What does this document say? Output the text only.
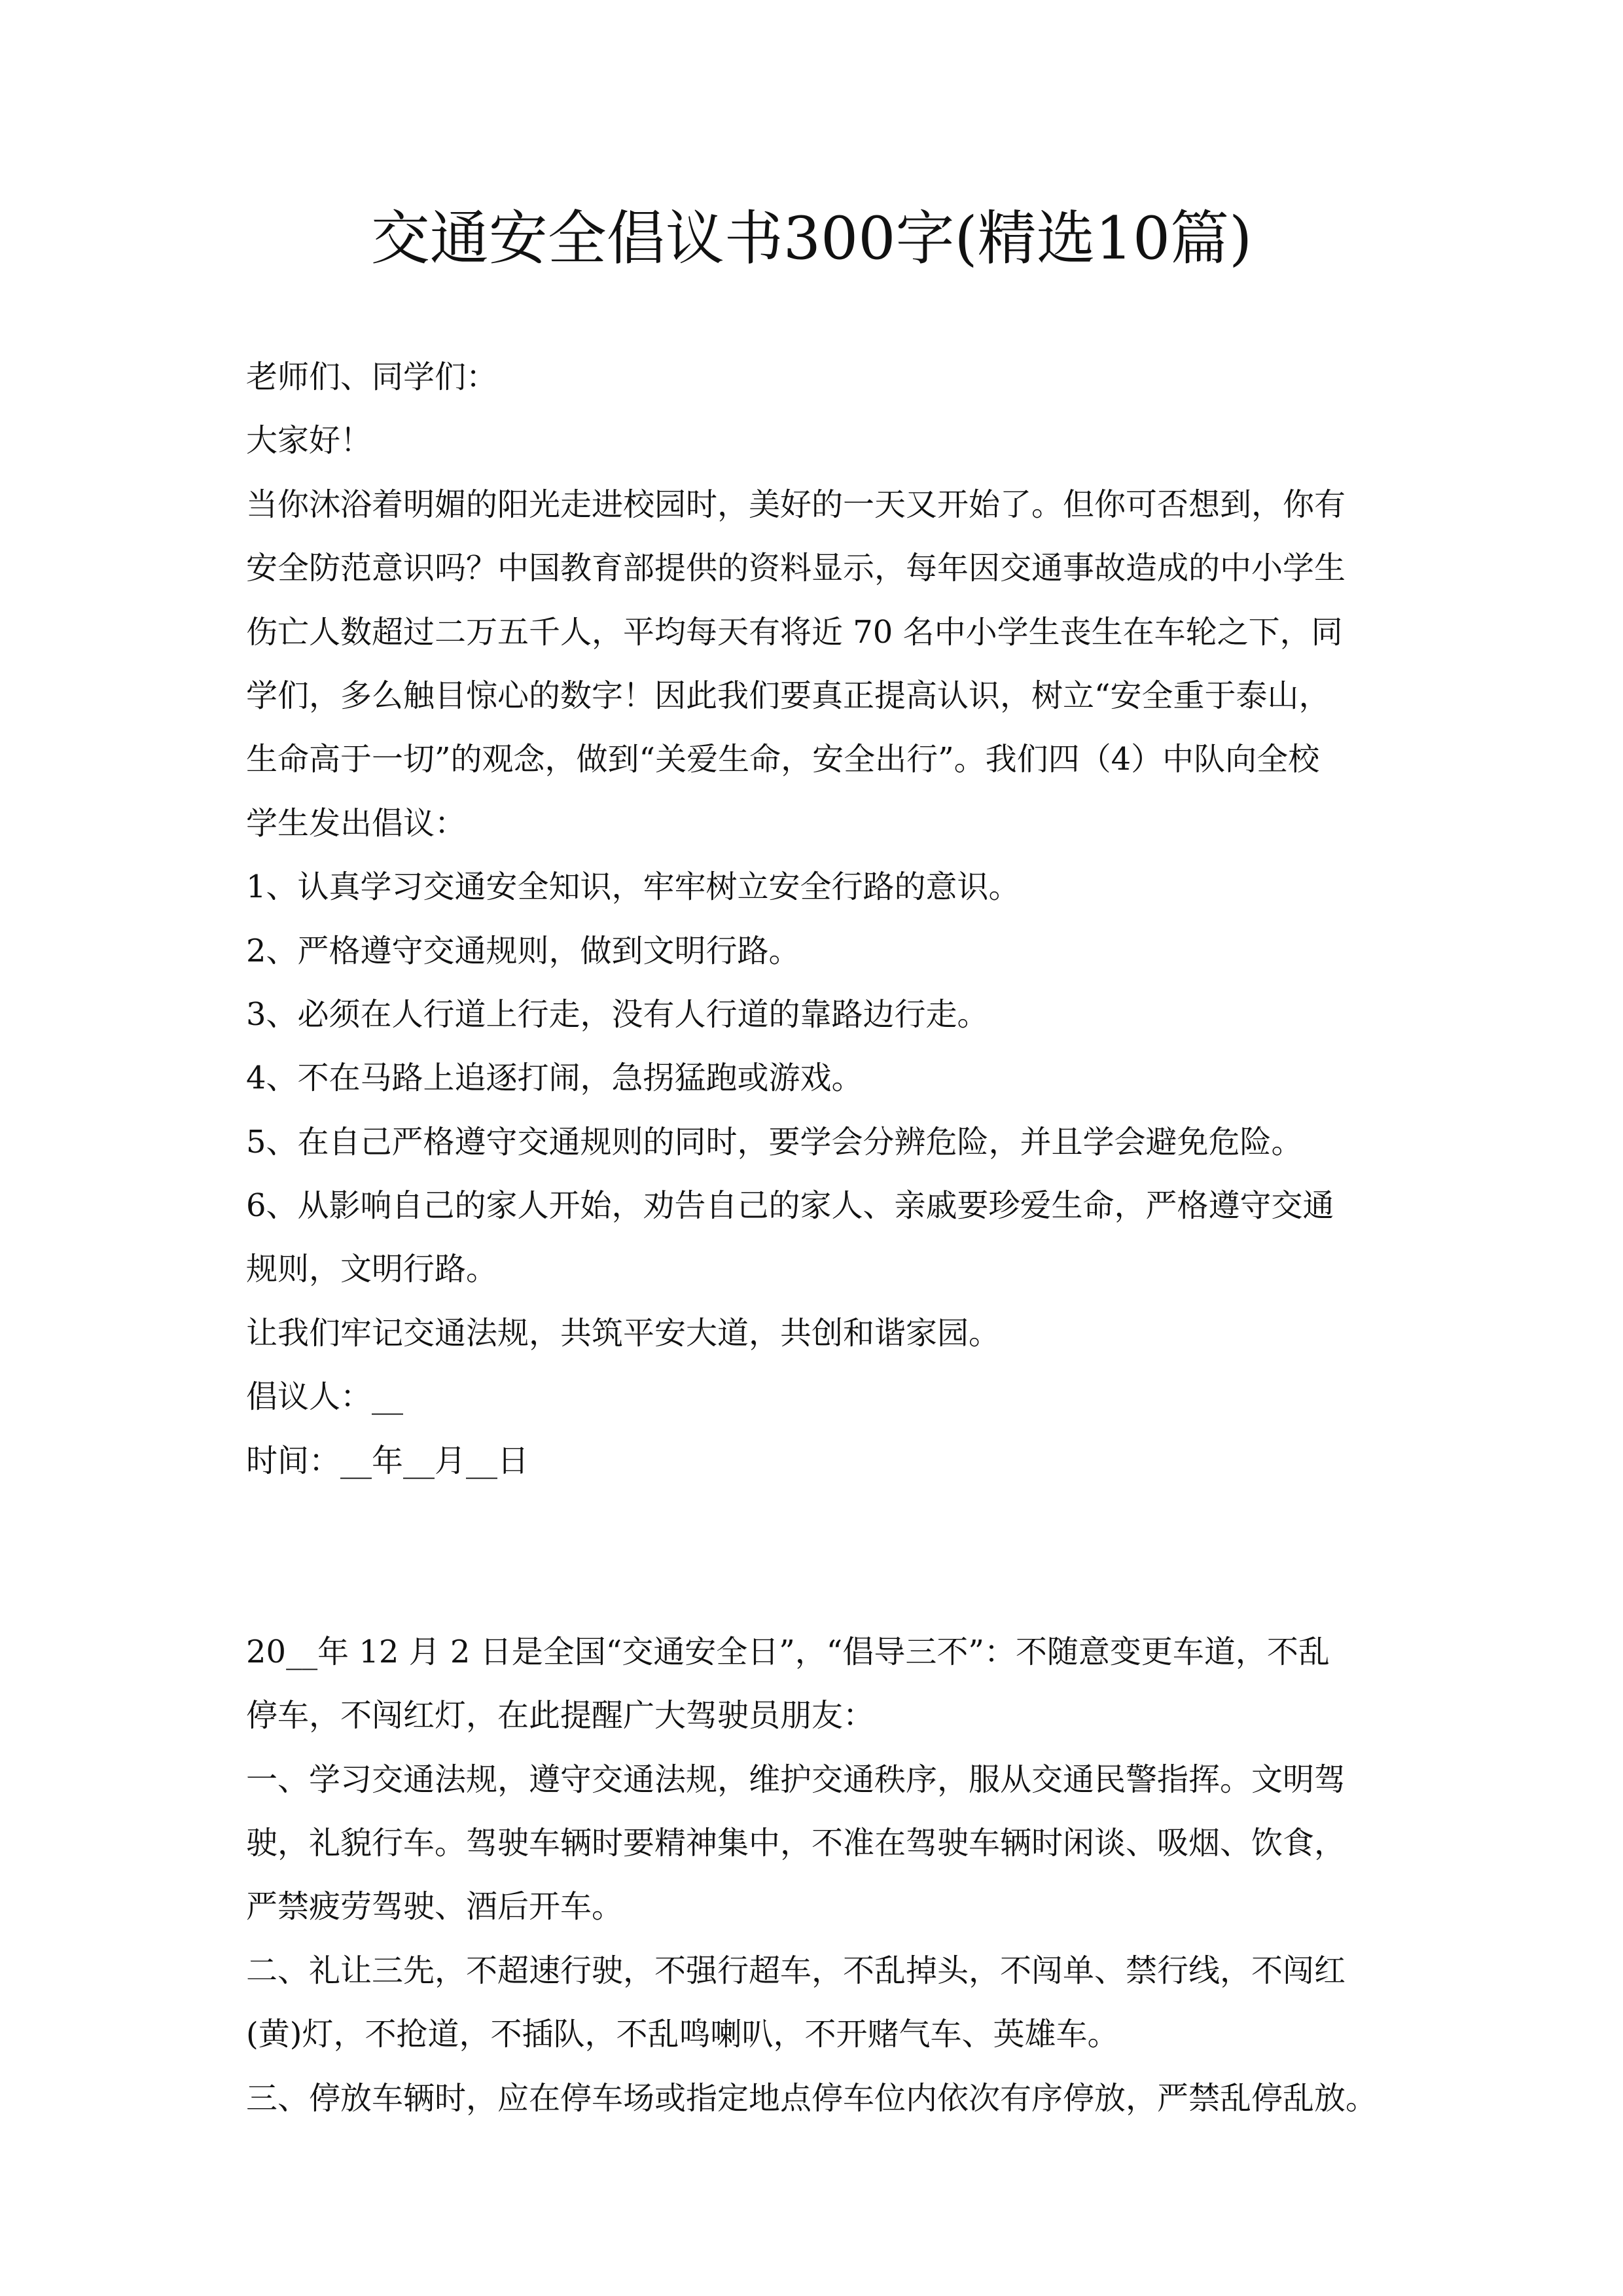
交通安全倡议书300字(精选10篇)
老师们、同学们：
大家好！
当你沐浴着明媚的阳光走进校园时，美好的一天又开始了。但你可否想到，你有
安全防范意识吗？中国教育部提供的资料显示，每年因交通事故造成的中小学生
伤亡人数超过二万五千人，平均每天有将近 70 名中小学生丧生在车轮之下，同
学们，多么触目惊心的数字！因此我们要真正提高认识，树立“安全重于泰山，
生命高于一切”的观念，做到“关爱生命，安全出行”。我们四（4）中队向全校
学生发出倡议：
1、认真学习交通安全知识，牢牢树立安全行路的意识。
2、严格遵守交通规则，做到文明行路。
3、必须在人行道上行走，没有人行道的靠路边行走。
4、不在马路上追逐打闹，急拐猛跑或游戏。
5、在自己严格遵守交通规则的同时，要学会分辨危险，并且学会避免危险。
6、从影响自己的家人开始，劝告自己的家人、亲戚要珍爱生命，严格遵守交通
规则，文明行路。
让我们牢记交通法规，共筑平安大道，共创和谐家园。
倡议人：__
时间：__年__月__日
20__年 12 月 2 日是全国“交通安全日”，“倡导三不”：不随意变更车道，不乱
停车，不闯红灯，在此提醒广大驾驶员朋友：
一、学习交通法规，遵守交通法规，维护交通秩序，服从交通民警指挥。文明驾
驶，礼貌行车。驾驶车辆时要精神集中，不准在驾驶车辆时闲谈、吸烟、饮食，
严禁疲劳驾驶、酒后开车。
二、礼让三先，不超速行驶，不强行超车，不乱掉头，不闯单、禁行线，不闯红
(黄)灯，不抢道，不插队，不乱鸣喇叭，不开赌气车、英雄车。
三、停放车辆时，应在停车场或指定地点停车位内依次有序停放，严禁乱停乱放。
